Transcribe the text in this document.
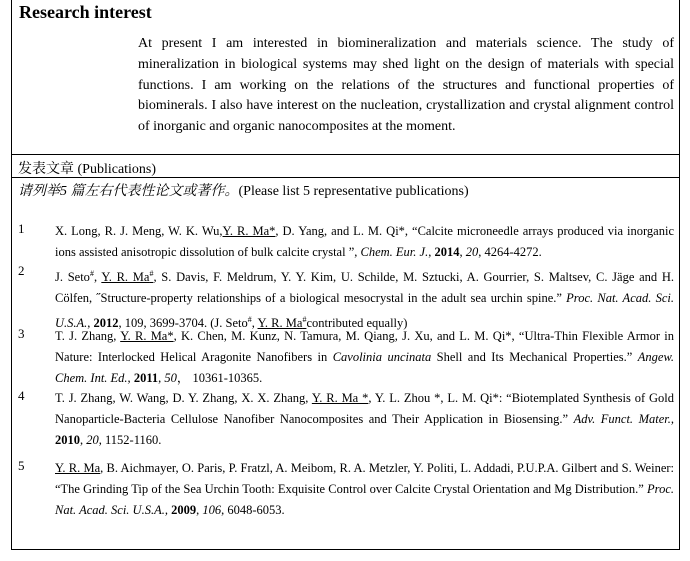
Research interest
At present I am interested in biomineralization and materials science. The study of mineralization in biological systems may shed light on the design of materials with special functions. I am working on the relations of the structures and functional properties of biominerals. I also have interest on the nucleation, crystallization and crystal alignment control of inorganic and organic nanocomposites at the moment.
发表文章 (Publications)
请列举5 篇左右代表性论文或著作。(Please list 5 representative publications)
1 X. Long, R. J. Meng, W. K. Wu,Y. R. Ma*, D. Yang, and L. M. Qi*, “Calcite microneedle arrays produced via inorganic ions assisted anisotropic dissolution of bulk calcite crystal ”, Chem. Eur. J., 2014, 20, 4264-4272.
2 J. Seto#, Y. R. Ma#, S. Davis, F. Meldrum, Y. Y. Kim, U. Schilde, M. Sztucki, A. Gourrier, S. Maltsev, C. Jäge and H. Cölfen, ˝Structure-property relationships of a biological mesocrystal in the adult sea urchin spine.” Proc. Nat. Acad. Sci. U.S.A., 2012, 109, 3699-3704. (J. Seto#, Y. R. Ma#contributed equally)
3 T. J. Zhang, Y. R. Ma*, K. Chen, M. Kunz, N. Tamura, M. Qiang, J. Xu, and L. M. Qi*, “Ultra-Thin Flexible Armor in Nature: Interlocked Helical Aragonite Nanofibers in Cavolinia uncinata Shell and Its Mechanical Properties.” Angew. Chem. Int. Ed., 2011, 50， 10361-10365.
4 T. J. Zhang, W. Wang, D. Y. Zhang, X. X. Zhang, Y. R. Ma *, Y. L. Zhou *, L. M. Qi*: “Biotemplated Synthesis of Gold Nanoparticle-Bacteria Cellulose Nanofiber Nanocomposites and Their Application in Biosensing.” Adv. Funct. Mater., 2010, 20, 1152-1160.
5 Y. R. Ma, B. Aichmayer, O. Paris, P. Fratzl, A. Meibom, R. A. Metzler, Y. Politi, L. Addadi, P.U.P.A. Gilbert and S. Weiner: “The Grinding Tip of the Sea Urchin Tooth: Exquisite Control over Calcite Crystal Orientation and Mg Distribution.” Proc. Nat. Acad. Sci. U.S.A., 2009, 106, 6048-6053.
